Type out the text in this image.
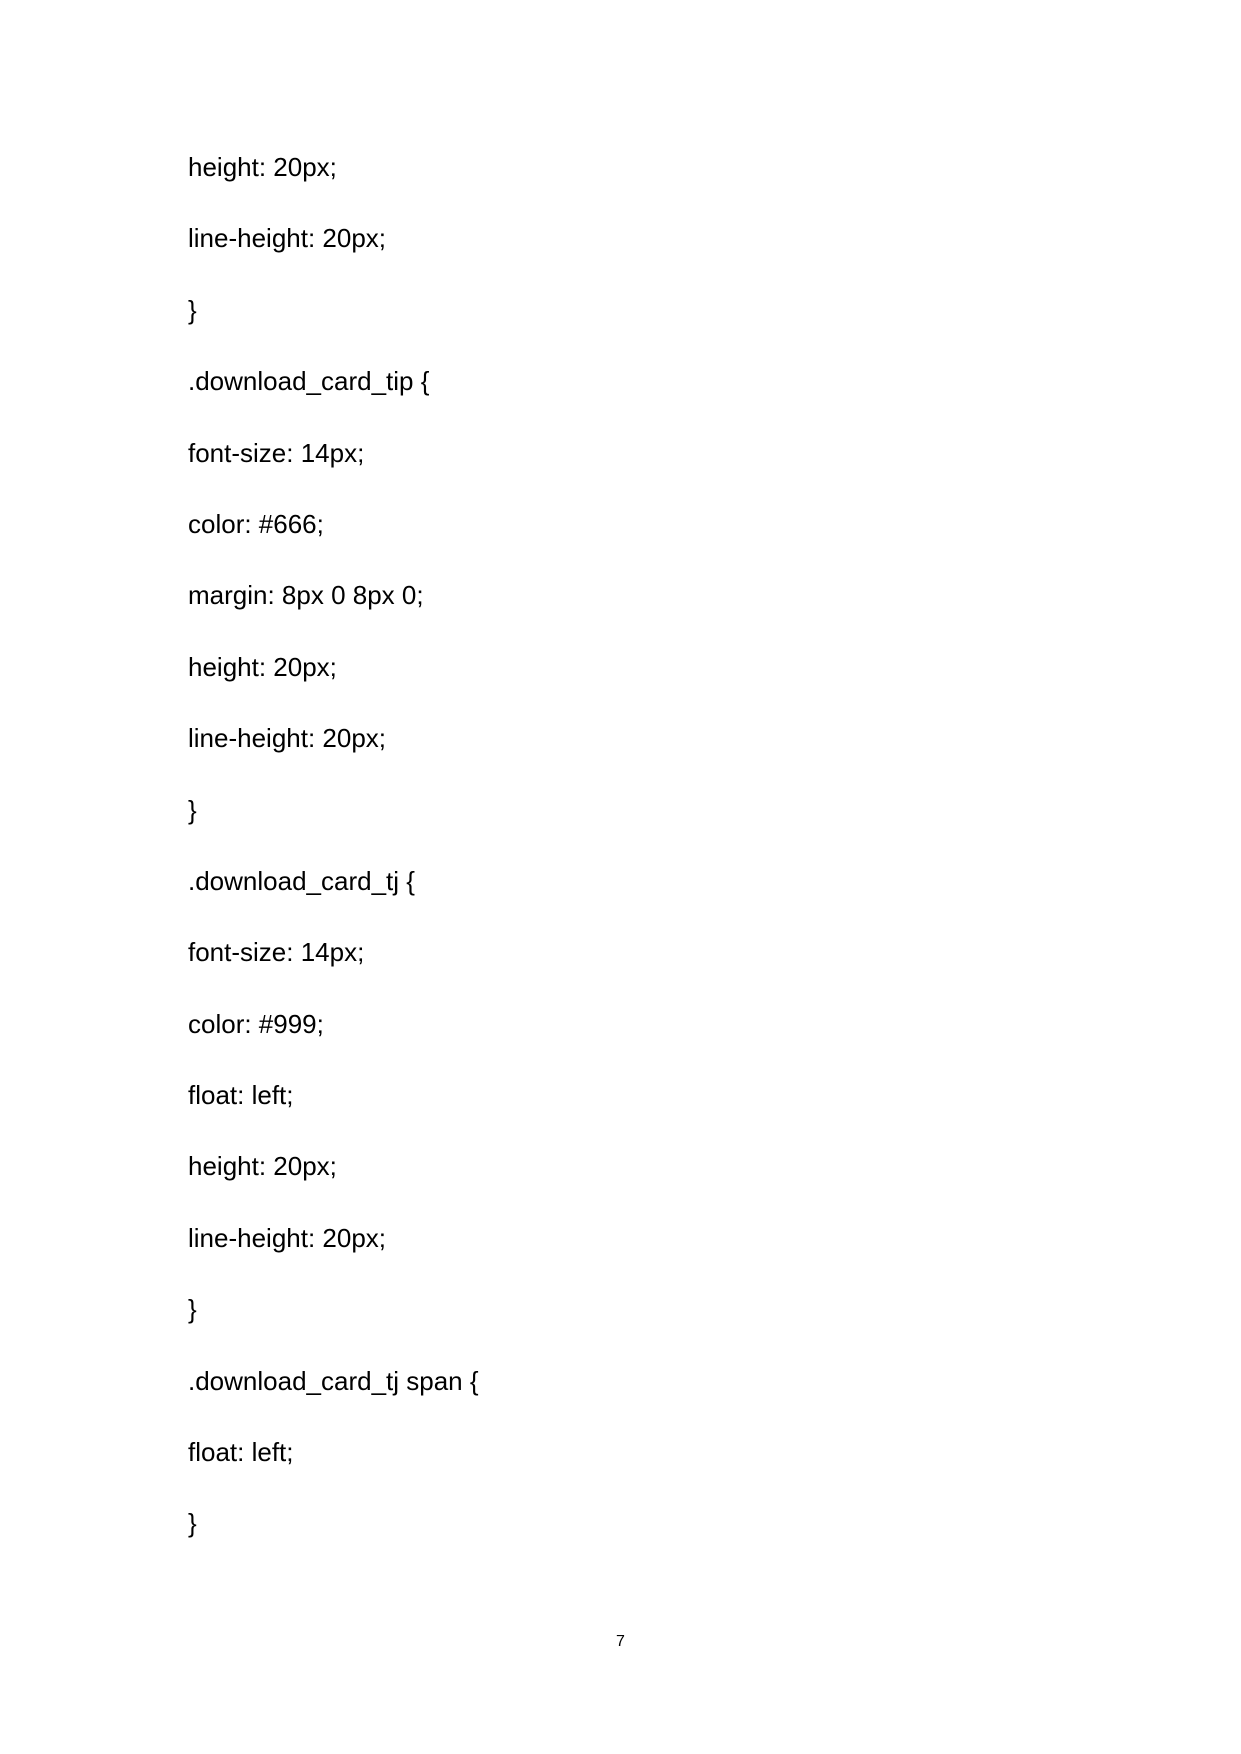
height: 20px;
line-height: 20px;
}
.download_card_tip {
font-size: 14px;
color: #666;
margin: 8px 0 8px 0;
height: 20px;
line-height: 20px;
}
.download_card_tj {
font-size: 14px;
color: #999;
float: left;
height: 20px;
line-height: 20px;
}
.download_card_tj span {
float: left;
}
7
